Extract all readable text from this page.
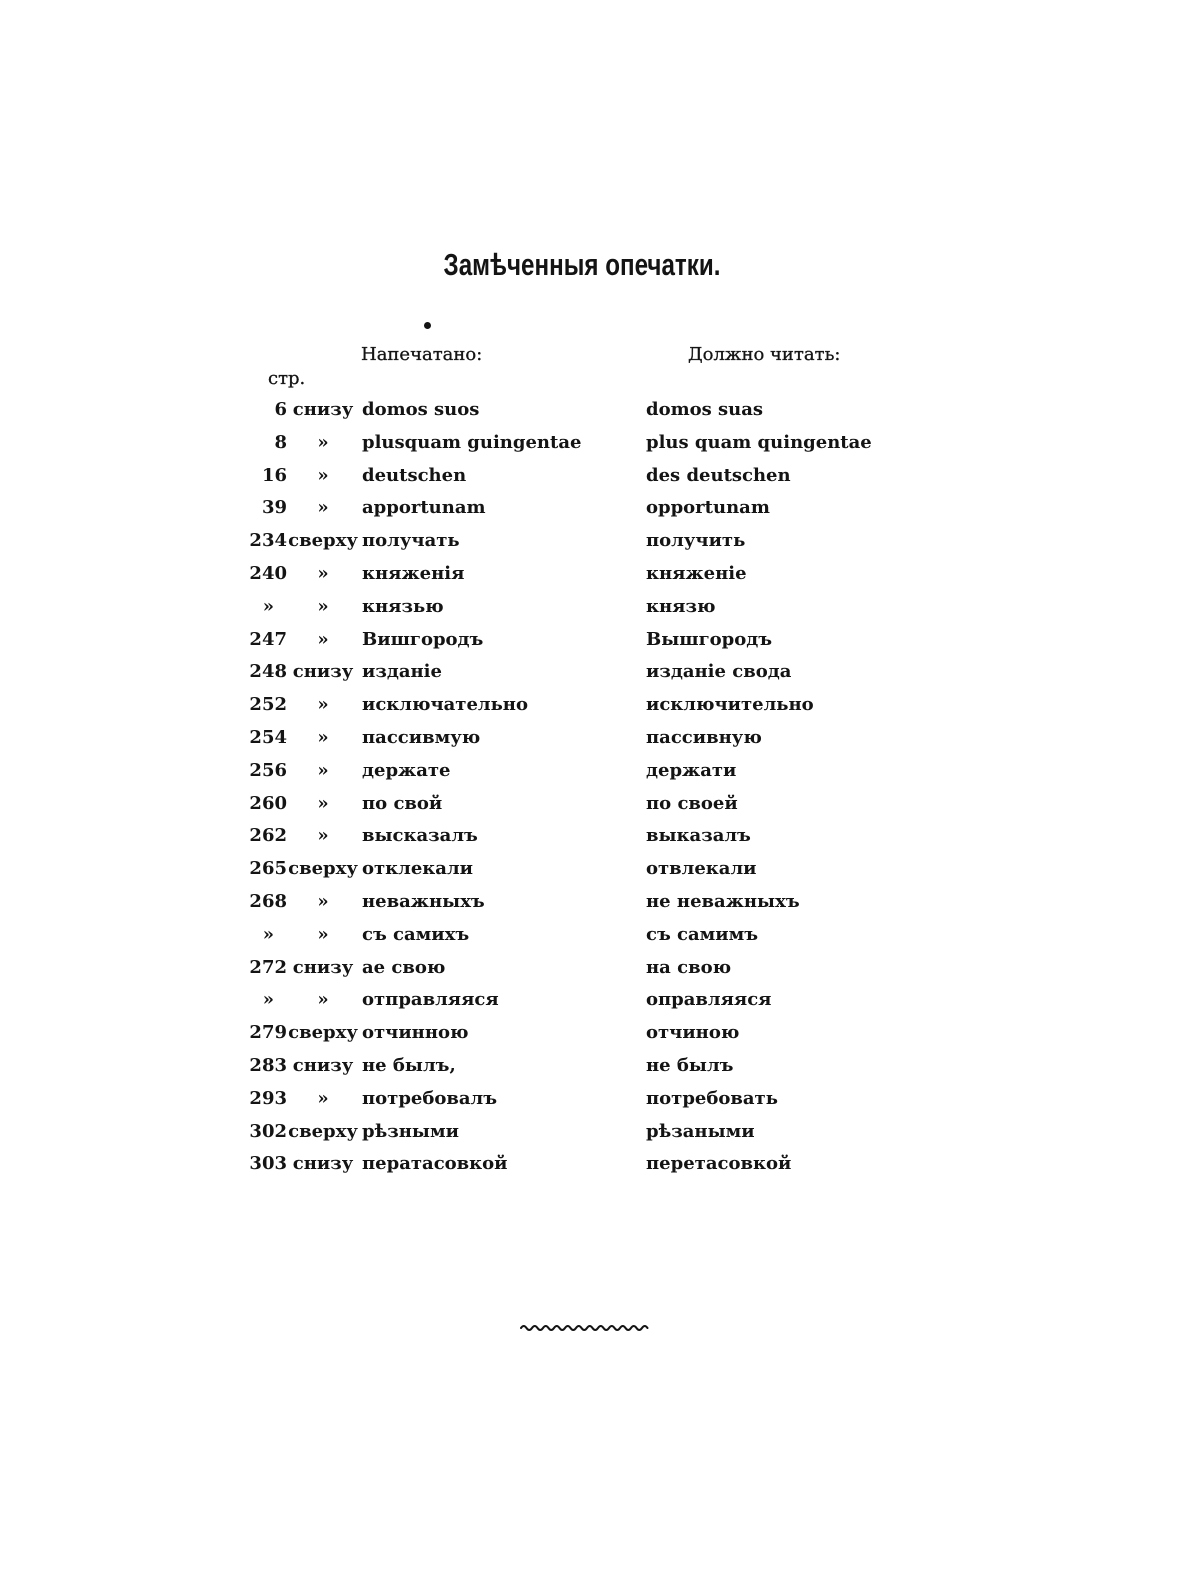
Замѣченныя опечатки.
Напечатано:	Должно читать:
стр.
6 снизу domos suos	domos suas
8	»	plusquam guingentae	plus quam quingentae
16	»	deutschen	des deutschen
39	»	apportunam	opportunam
234 сверху получать	получить
240	»	княженія	княженіе
»	»	князью	князю
247	»	Вишгородъ	Вышгородъ
248 снизу изданіе	изданіе свода
252	»	исключательно	исключительно
254	»	пассивмую	пассивную
256	»	держате	держати
260	»	по свой	по своей
262	»	высказалъ	выказалъ
265 сверху отклекали	отвлекали
268	»	неважныхъ	не неважныхъ
»	»	съ самихъ	съ самимъ
272 снизу ае свою	на свою
»	»	отправляяся	оправляяся
279 сверху отчинною	отчиною
283 снизу не былъ,	не былъ
293	»	потребовалъ	потребовать
302 сверху рѣзными	рѣзаными
303 снизу пeратасовкой	перетасовкой
